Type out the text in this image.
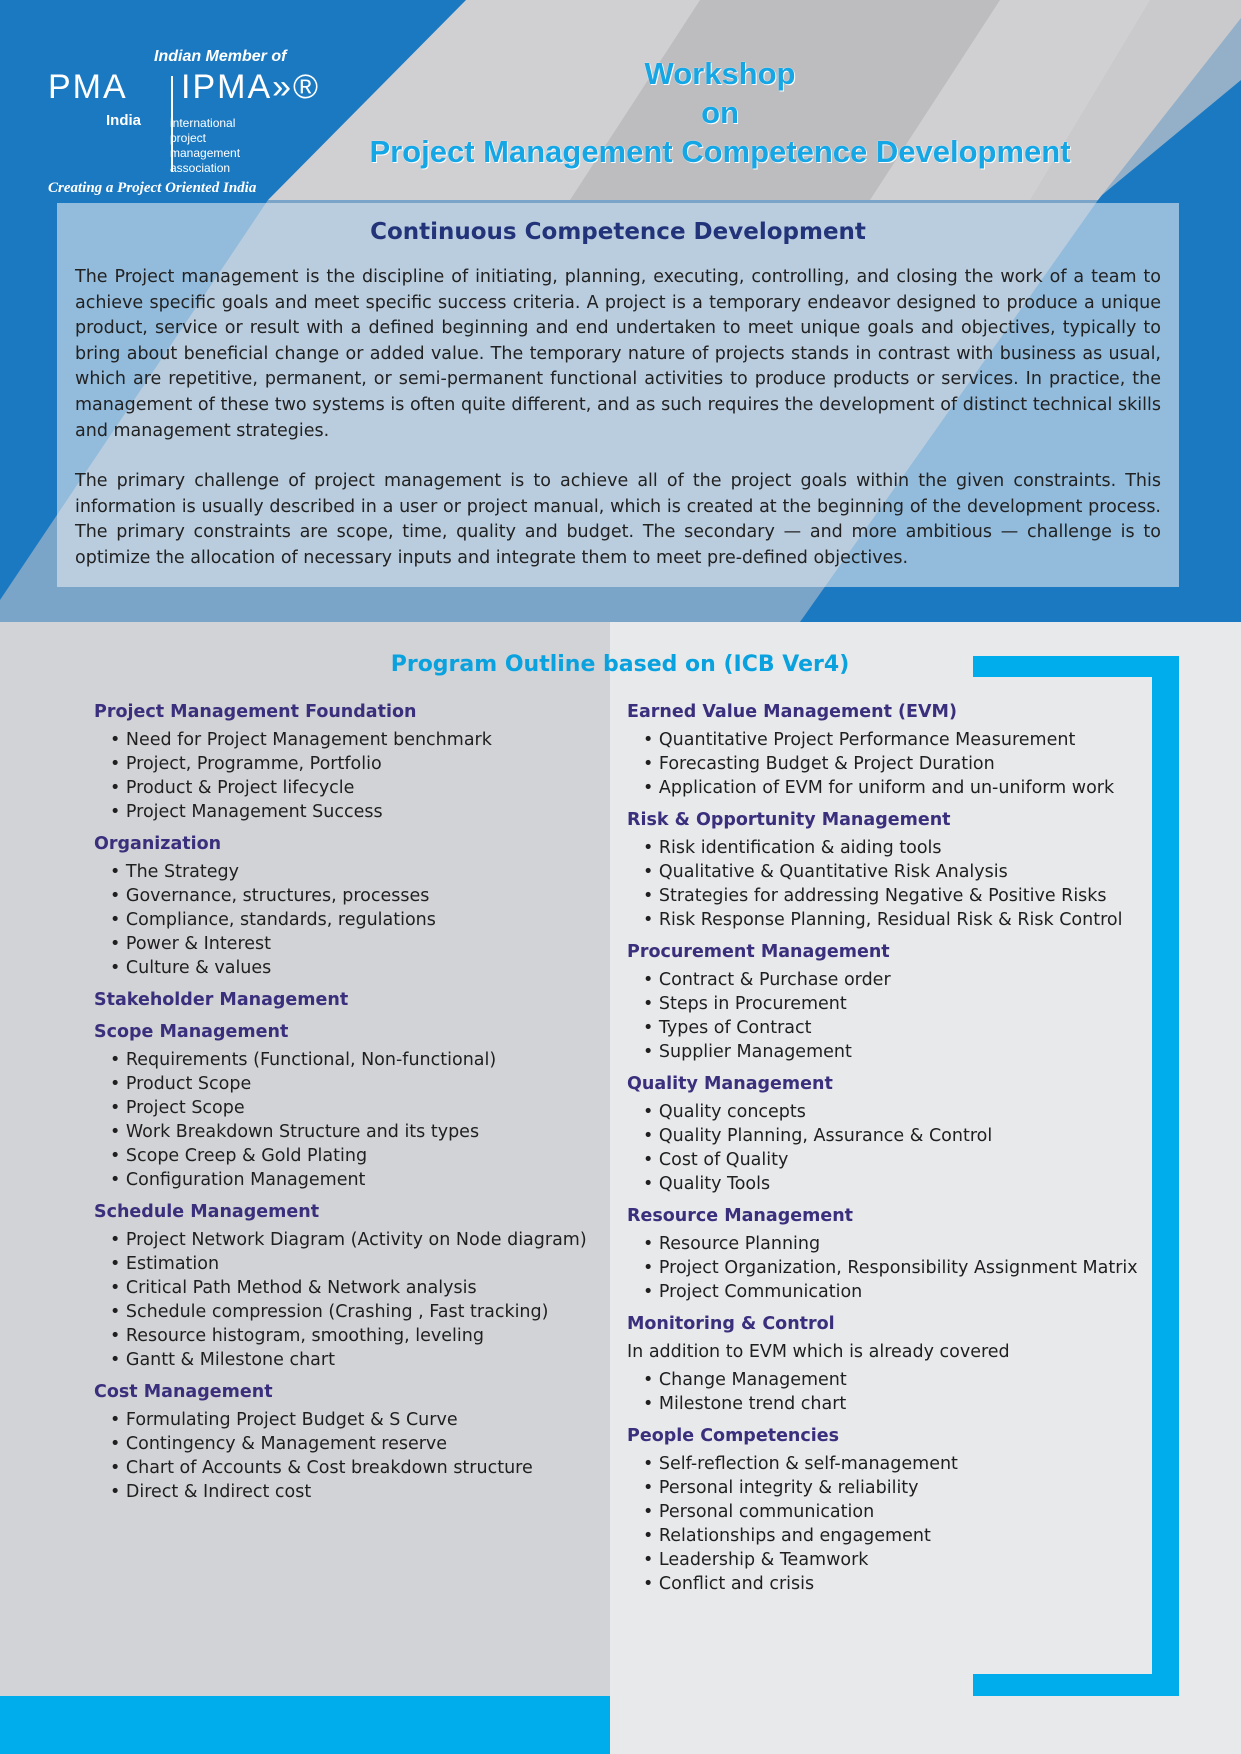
Indian Member of
PMA IPMA»®
India international
project
management
association
Creating a Project Oriented India
Workshop
on
Project Management Competence Development
Continuous Competence Development

The Project management is the discipline of initiating, planning, executing, controlling, and closing the work of a team to achieve specific goals and meet specific success criteria. A project is a temporary endeavor designed to produce a unique product, service or result with a defined beginning and end undertaken to meet unique goals and objectives, typically to bring about beneficial change or added value. The temporary nature of projects stands in contrast with business as usual, which are repetitive, permanent, or semi-permanent functional activities to produce products or services. In practice, the management of these two systems is often quite different, and as such requires the development of distinct technical skills and management strategies.

The primary challenge of project management is to achieve all of the project goals within the given constraints. This information is usually described in a user or project manual, which is created at the beginning of the development process. The primary constraints are scope, time, quality and budget. The secondary — and more ambitious — challenge is to optimize the allocation of necessary inputs and integrate them to meet pre-defined objectives.

Program Outline based on (ICB Ver4)
Project Management Foundation
• Need for Project Management benchmark
• Project, Programme, Portfolio
• Product & Project lifecycle
• Project Management Success
Organization
• The Strategy
• Governance, structures, processes
• Compliance, standards, regulations
• Power & Interest
• Culture & values
Stakeholder Management
Scope Management
• Requirements (Functional, Non-functional)
• Product Scope
• Project Scope
• Work Breakdown Structure and its types
• Scope Creep & Gold Plating
• Configuration Management
Schedule Management
• Project Network Diagram (Activity on Node diagram)
• Estimation
• Critical Path Method & Network analysis
• Schedule compression (Crashing , Fast tracking)
• Resource histogram, smoothing, leveling
• Gantt & Milestone chart
Cost Management
• Formulating Project Budget & S Curve
• Contingency & Management reserve
• Chart of Accounts & Cost breakdown structure
• Direct & Indirect cost
Earned Value Management (EVM)
• Quantitative Project Performance Measurement
• Forecasting Budget & Project Duration
• Application of EVM for uniform and un-uniform work
Risk & Opportunity Management
• Risk identification & aiding tools
• Qualitative & Quantitative Risk Analysis
• Strategies for addressing Negative & Positive Risks
• Risk Response Planning, Residual Risk & Risk Control
Procurement Management
• Contract & Purchase order
• Steps in Procurement
• Types of Contract
• Supplier Management
Quality Management
• Quality concepts
• Quality Planning, Assurance & Control
• Cost of Quality
• Quality Tools
Resource Management
• Resource Planning
• Project Organization, Responsibility Assignment Matrix
• Project Communication
Monitoring & Control
In addition to EVM which is already covered
• Change Management
• Milestone trend chart
People Competencies
• Self-reflection & self-management
• Personal integrity & reliability
• Personal communication
• Relationships and engagement
• Leadership & Teamwork
• Conflict and crisis
